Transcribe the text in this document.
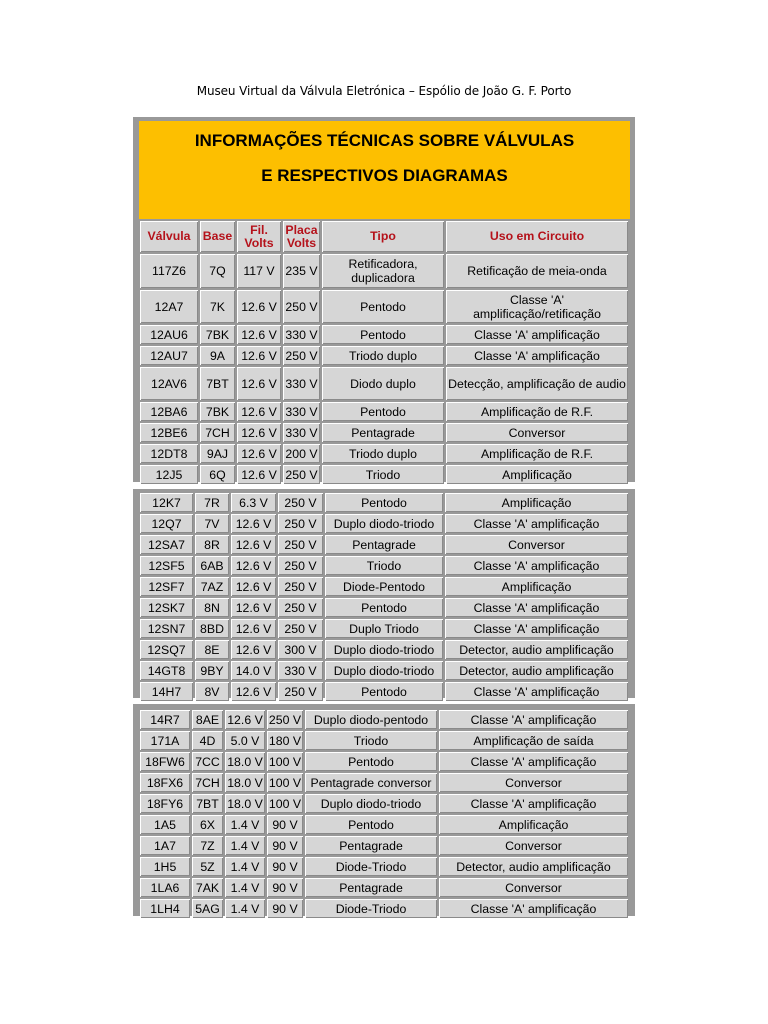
Museu Virtual da Válvula Eletrónica – Espólio de João G. F. Porto
INFORMAÇÕES TÉCNICAS SOBRE VÁLVULAS
E RESPECTIVOS DIAGRAMAS
Válvula	Base	Fil. Volts	Placa Volts	Tipo	Uso em Circuito
117Z6	7Q	117 V	235 V	Retificadora, duplicadora	Retificação de meia-onda
12A7	7K	12.6 V	250 V	Pentodo	Classe 'A' amplificação/retificação
12AU6	7BK	12.6 V	330 V	Pentodo	Classe 'A' amplificação
12AU7	9A	12.6 V	250 V	Triodo duplo	Classe 'A' amplificação
12AV6	7BT	12.6 V	330 V	Diodo duplo	Detecção, amplificação de audio
12BA6	7BK	12.6 V	330 V	Pentodo	Amplificação de R.F.
12BE6	7CH	12.6 V	330 V	Pentagrade	Conversor
12DT8	9AJ	12.6 V	200 V	Triodo duplo	Amplificação de R.F.
12J5	6Q	12.6 V	250 V	Triodo	Amplificação
12K7	7R	6.3 V	250 V	Pentodo	Amplificação
12Q7	7V	12.6 V	250 V	Duplo diodo-triodo	Classe 'A' amplificação
12SA7	8R	12.6 V	250 V	Pentagrade	Conversor
12SF5	6AB	12.6 V	250 V	Triodo	Classe 'A' amplificação
12SF7	7AZ	12.6 V	250 V	Diode-Pentodo	Amplificação
12SK7	8N	12.6 V	250 V	Pentodo	Classe 'A' amplificação
12SN7	8BD	12.6 V	250 V	Duplo Triodo	Classe 'A' amplificação
12SQ7	8E	12.6 V	300 V	Duplo diodo-triodo	Detector, audio amplificação
14GT8	9BY	14.0 V	330 V	Duplo diodo-triodo	Detector, audio amplificação
14H7	8V	12.6 V	250 V	Pentodo	Classe 'A' amplificação
14R7	8AE	12.6 V	250 V	Duplo diodo-pentodo	Classe 'A' amplificação
171A	4D	5.0 V	180 V	Triodo	Amplificação de saída
18FW6	7CC	18.0 V	100 V	Pentodo	Classe 'A' amplificação
18FX6	7CH	18.0 V	100 V	Pentagrade conversor	Conversor
18FY6	7BT	18.0 V	100 V	Duplo diodo-triodo	Classe 'A' amplificação
1A5	6X	1.4 V	90 V	Pentodo	Amplificação
1A7	7Z	1.4 V	90 V	Pentagrade	Conversor
1H5	5Z	1.4 V	90 V	Diode-Triodo	Detector, audio amplificação
1LA6	7AK	1.4 V	90 V	Pentagrade	Conversor
1LH4	5AG	1.4 V	90 V	Diode-Triodo	Classe 'A' amplificação
